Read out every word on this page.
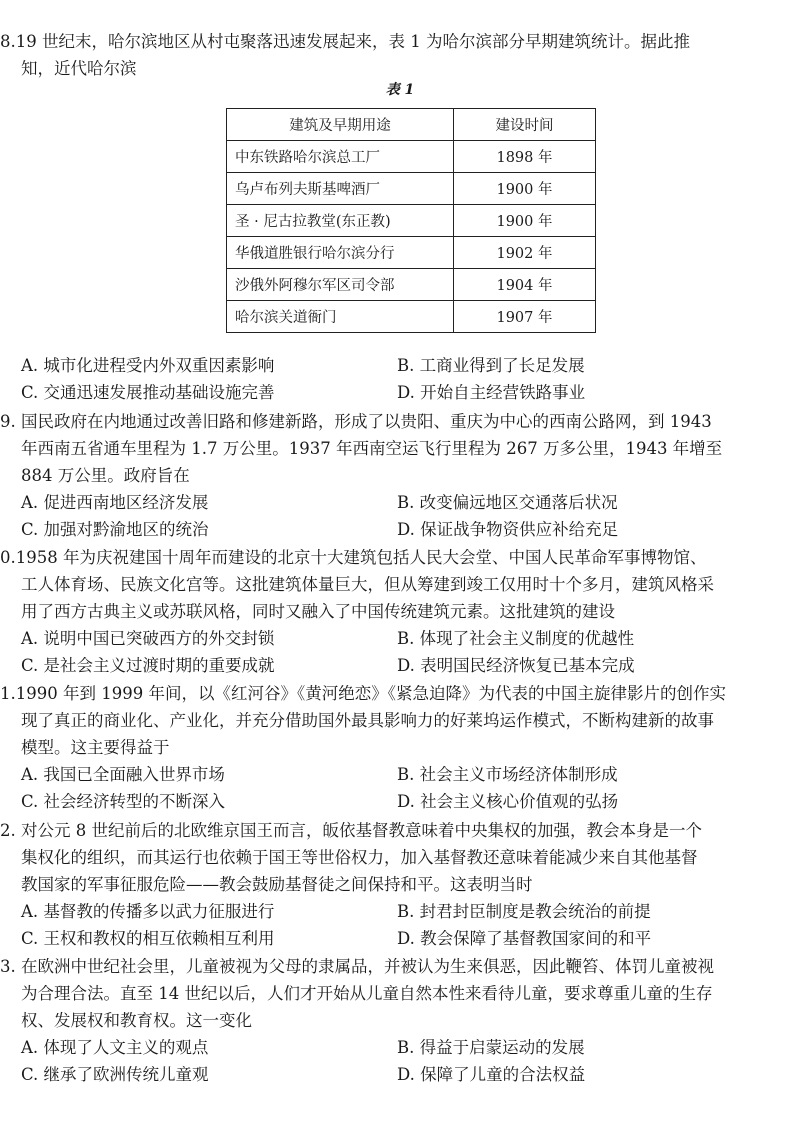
8.19 世纪末，哈尔滨地区从村屯聚落迅速发展起来，表 1 为哈尔滨部分早期建筑统计。据此推
知，近代哈尔滨
表 1
建筑及早期用途	建设时间
中东铁路哈尔滨总工厂	1898 年
乌卢布列夫斯基啤酒厂	1900 年
圣 · 尼古拉教堂(东正教)	1900 年
华俄道胜银行哈尔滨分行	1902 年
沙俄外阿穆尔军区司令部	1904 年
哈尔滨关道衙门	1907 年
A. 城市化进程受内外双重因素影响	B. 工商业得到了长足发展
C. 交通迅速发展推动基础设施完善	D. 开始自主经营铁路事业
9. 国民政府在内地通过改善旧路和修建新路，形成了以贵阳、重庆为中心的西南公路网，到 1943
年西南五省通车里程为 1.7 万公里。1937 年西南空运飞行里程为 267 万多公里，1943 年增至
884 万公里。政府旨在
A. 促进西南地区经济发展	B. 改变偏远地区交通落后状况
C. 加强对黔渝地区的统治	D. 保证战争物资供应补给充足
0.1958 年为庆祝建国十周年而建设的北京十大建筑包括人民大会堂、中国人民革命军事博物馆、
工人体育场、民族文化宫等。这批建筑体量巨大，但从筹建到竣工仅用时十个多月，建筑风格采
用了西方古典主义或苏联风格，同时又融入了中国传统建筑元素。这批建筑的建设
A. 说明中国已突破西方的外交封锁	B. 体现了社会主义制度的优越性
C. 是社会主义过渡时期的重要成就	D. 表明国民经济恢复已基本完成
1.1990 年到 1999 年间，以《红河谷》《黄河绝恋》《紧急迫降》为代表的中国主旋律影片的创作实
现了真正的商业化、产业化，并充分借助国外最具影响力的好莱坞运作模式，不断构建新的故事
模型。这主要得益于
A. 我国已全面融入世界市场	B. 社会主义市场经济体制形成
C. 社会经济转型的不断深入	D. 社会主义核心价值观的弘扬
2. 对公元 8 世纪前后的北欧维京国王而言，皈依基督教意味着中央集权的加强，教会本身是一个
集权化的组织，而其运行也依赖于国王等世俗权力，加入基督教还意味着能减少来自其他基督
教国家的军事征服危险——教会鼓励基督徒之间保持和平。这表明当时
A. 基督教的传播多以武力征服进行	B. 封君封臣制度是教会统治的前提
C. 王权和教权的相互依赖相互利用	D. 教会保障了基督教国家间的和平
3. 在欧洲中世纪社会里，儿童被视为父母的隶属品，并被认为生来俱恶，因此鞭笞、体罚儿童被视
为合理合法。直至 14 世纪以后，人们才开始从儿童自然本性来看待儿童，要求尊重儿童的生存
权、发展权和教育权。这一变化
A. 体现了人文主义的观点	B. 得益于启蒙运动的发展
C. 继承了欧洲传统儿童观	D. 保障了儿童的合法权益
